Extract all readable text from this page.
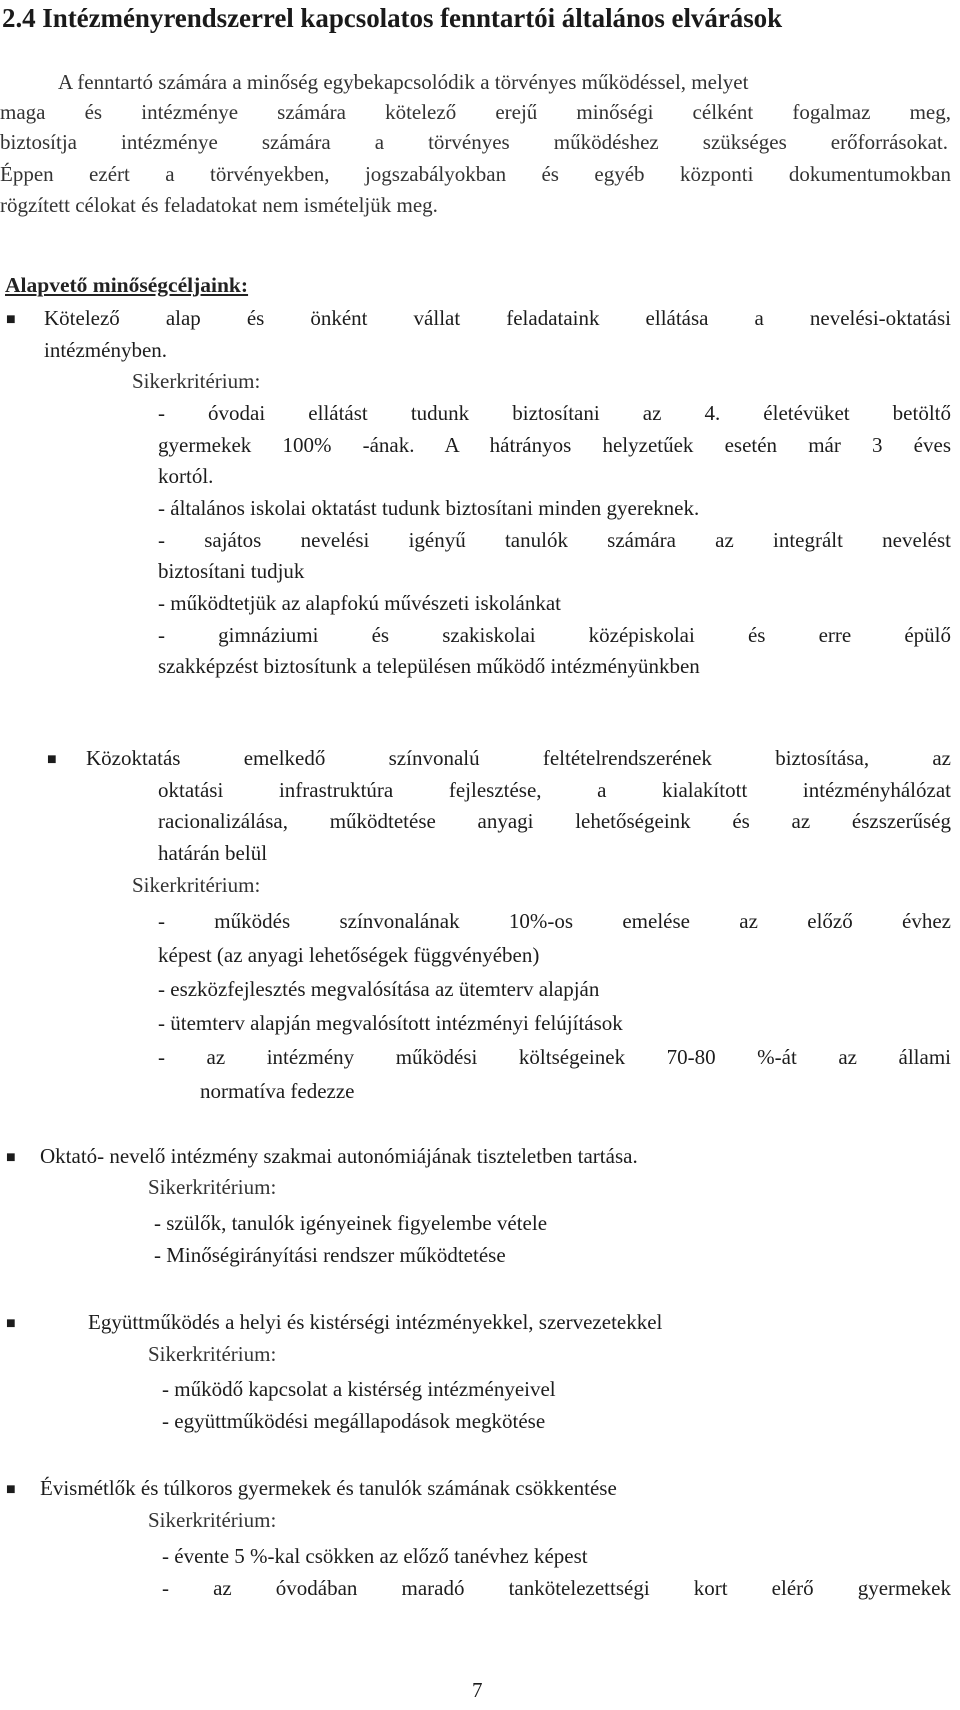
2.4 Intézményrendszerrel kapcsolatos fenntartói általános elvárások
A fenntartó számára a minőség egybekapcsolódik a törvényes működéssel, melyet
maga és intézménye számára kötelező erejű minőségi célként fogalmaz meg,
biztosítja intézménye számára a törvényes működéshez szükséges erőforrásokat.
Éppen ezért a törvényekben, jogszabályokban és egyéb központi dokumentumokban
rögzített célokat és feladatokat nem ismételjük meg.
Alapvető minőségcéljaink:
■ Kötelező alap és önként vállat feladataink ellátása a nevelési-oktatási
intézményben.
Sikerkritérium:
- óvodai ellátást tudunk biztosítani az 4. életévüket betöltő
gyermekek 100% -ának. A hátrányos helyzetűek esetén már 3 éves
kortól.
- általános iskolai oktatást tudunk biztosítani minden gyereknek.
- sajátos nevelési igényű tanulók számára az integrált nevelést
biztosítani tudjuk
- működtetjük az alapfokú művészeti iskolánkat
- gimnáziumi és szakiskolai középiskolai és erre épülő
szakképzést biztosítunk a településen működő intézményünkben
■ Közoktatás emelkedő színvonalú feltételrendszerének biztosítása, az
oktatási infrastruktúra fejlesztése, a kialakított intézményhálózat
racionalizálása, működtetése anyagi lehetőségeink és az észszerűség
határán belül
Sikerkritérium:
- működés színvonalának 10%-os emelése az előző évhez
képest (az anyagi lehetőségek függvényében)
- eszközfejlesztés megvalósítása az ütemterv alapján
- ütemterv alapján megvalósított intézményi felújítások
- az intézmény működési költségeinek 70-80 %-át az állami
normatíva fedezze
■ Oktató- nevelő intézmény szakmai autonómiájának tiszteletben tartása.
Sikerkritérium:
- szülők, tanulók igényeinek figyelembe vétele
- Minőségirányítási rendszer működtetése
■	Együttműködés a helyi és kistérségi intézményekkel, szervezetekkel
Sikerkritérium:
- működő kapcsolat a kistérség intézményeivel
- együttműködési megállapodások megkötése
■ Évismétlők és túlkoros gyermekek és tanulók számának csökkentése
Sikerkritérium:
- évente 5 %-kal csökken az előző tanévhez képest
- az óvodában maradó tankötelezettségi kort elérő gyermekek
7
